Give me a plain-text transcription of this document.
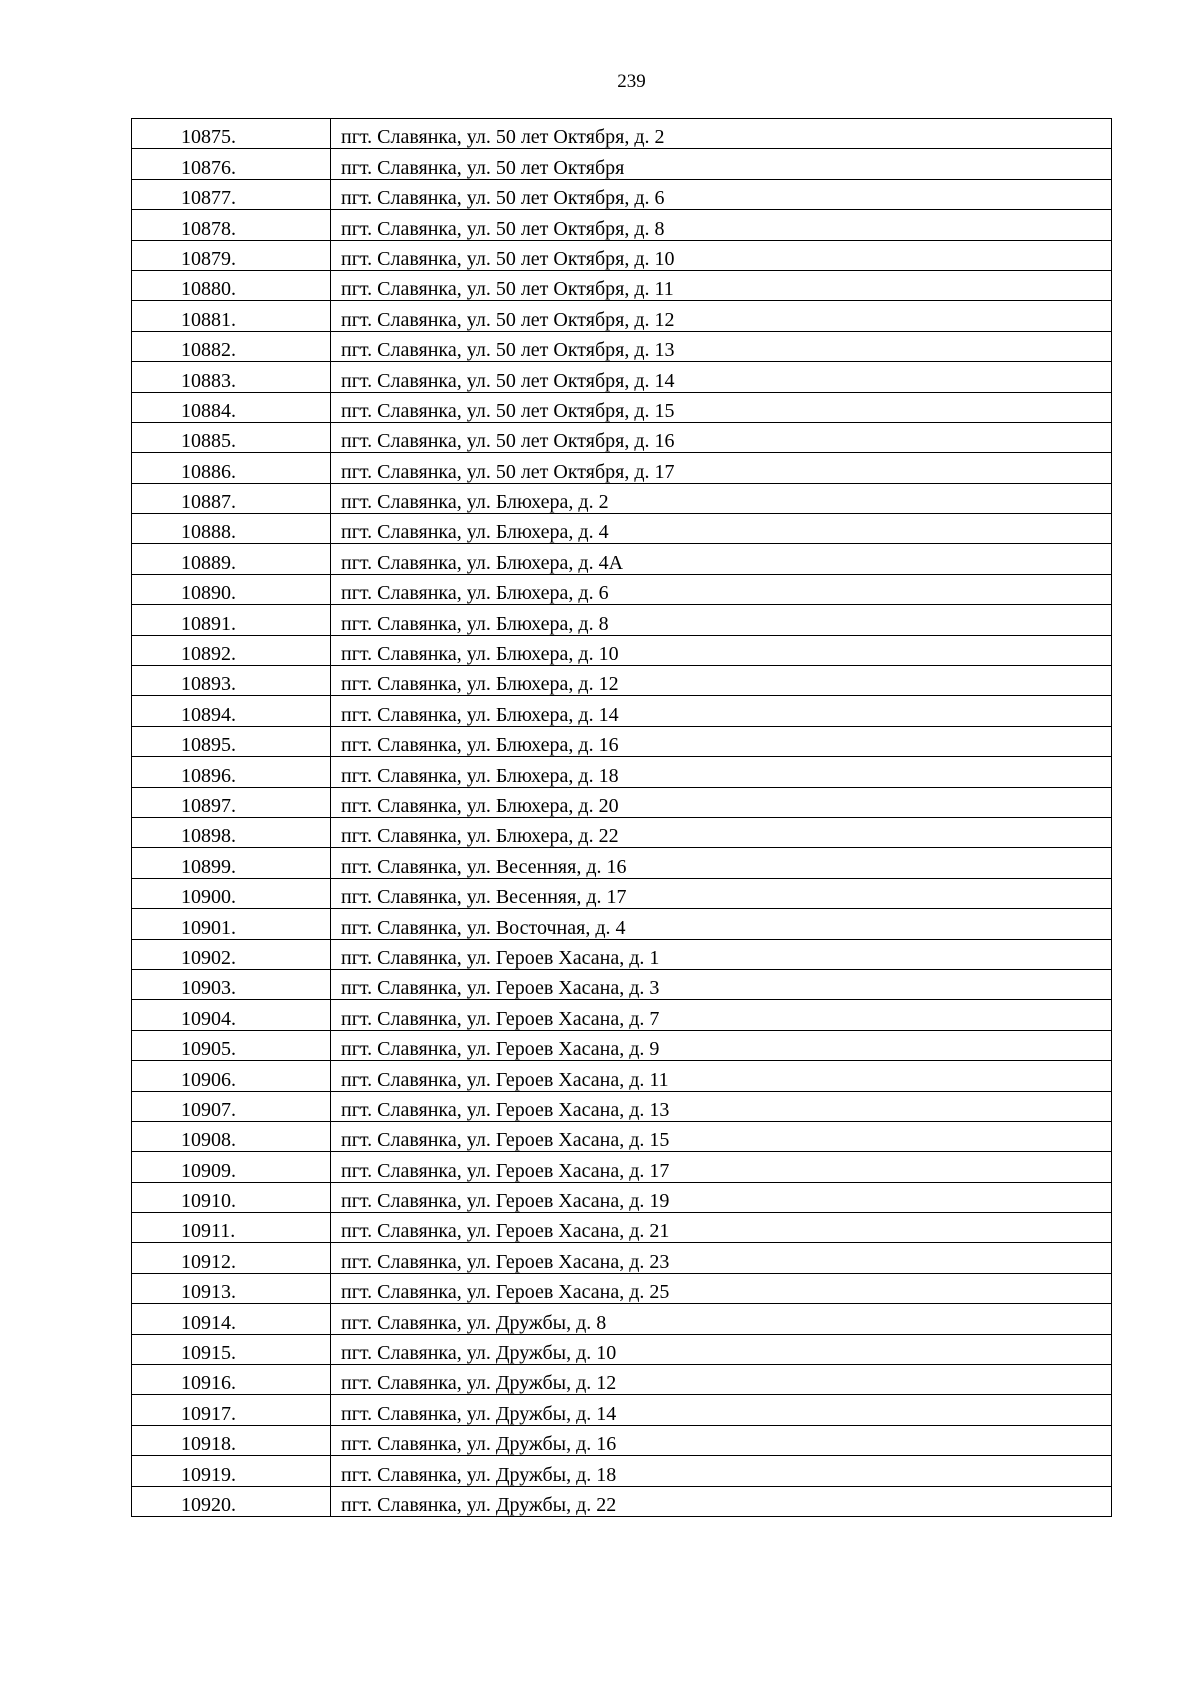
239
10875.	пгт. Славянка, ул. 50 лет Октября, д. 2
10876.	пгт. Славянка, ул. 50 лет Октября
10877.	пгт. Славянка, ул. 50 лет Октября, д. 6
10878.	пгт. Славянка, ул. 50 лет Октября, д. 8
10879.	пгт. Славянка, ул. 50 лет Октября, д. 10
10880.	пгт. Славянка, ул. 50 лет Октября, д. 11
10881.	пгт. Славянка, ул. 50 лет Октября, д. 12
10882.	пгт. Славянка, ул. 50 лет Октября, д. 13
10883.	пгт. Славянка, ул. 50 лет Октября, д. 14
10884.	пгт. Славянка, ул. 50 лет Октября, д. 15
10885.	пгт. Славянка, ул. 50 лет Октября, д. 16
10886.	пгт. Славянка, ул. 50 лет Октября, д. 17
10887.	пгт. Славянка, ул. Блюхера, д. 2
10888.	пгт. Славянка, ул. Блюхера, д. 4
10889.	пгт. Славянка, ул. Блюхера, д. 4А
10890.	пгт. Славянка, ул. Блюхера, д. 6
10891.	пгт. Славянка, ул. Блюхера, д. 8
10892.	пгт. Славянка, ул. Блюхера, д. 10
10893.	пгт. Славянка, ул. Блюхера, д. 12
10894.	пгт. Славянка, ул. Блюхера, д. 14
10895.	пгт. Славянка, ул. Блюхера, д. 16
10896.	пгт. Славянка, ул. Блюхера, д. 18
10897.	пгт. Славянка, ул. Блюхера, д. 20
10898.	пгт. Славянка, ул. Блюхера, д. 22
10899.	пгт. Славянка, ул. Весенняя, д. 16
10900.	пгт. Славянка, ул. Весенняя, д. 17
10901.	пгт. Славянка, ул. Восточная, д. 4
10902.	пгт. Славянка, ул. Героев Хасана, д. 1
10903.	пгт. Славянка, ул. Героев Хасана, д. 3
10904.	пгт. Славянка, ул. Героев Хасана, д. 7
10905.	пгт. Славянка, ул. Героев Хасана, д. 9
10906.	пгт. Славянка, ул. Героев Хасана, д. 11
10907.	пгт. Славянка, ул. Героев Хасана, д. 13
10908.	пгт. Славянка, ул. Героев Хасана, д. 15
10909.	пгт. Славянка, ул. Героев Хасана, д. 17
10910.	пгт. Славянка, ул. Героев Хасана, д. 19
10911.	пгт. Славянка, ул. Героев Хасана, д. 21
10912.	пгт. Славянка, ул. Героев Хасана, д. 23
10913.	пгт. Славянка, ул. Героев Хасана, д. 25
10914.	пгт. Славянка, ул. Дружбы, д. 8
10915.	пгт. Славянка, ул. Дружбы, д. 10
10916.	пгт. Славянка, ул. Дружбы, д. 12
10917.	пгт. Славянка, ул. Дружбы, д. 14
10918.	пгт. Славянка, ул. Дружбы, д. 16
10919.	пгт. Славянка, ул. Дружбы, д. 18
10920.	пгт. Славянка, ул. Дружбы, д. 22
